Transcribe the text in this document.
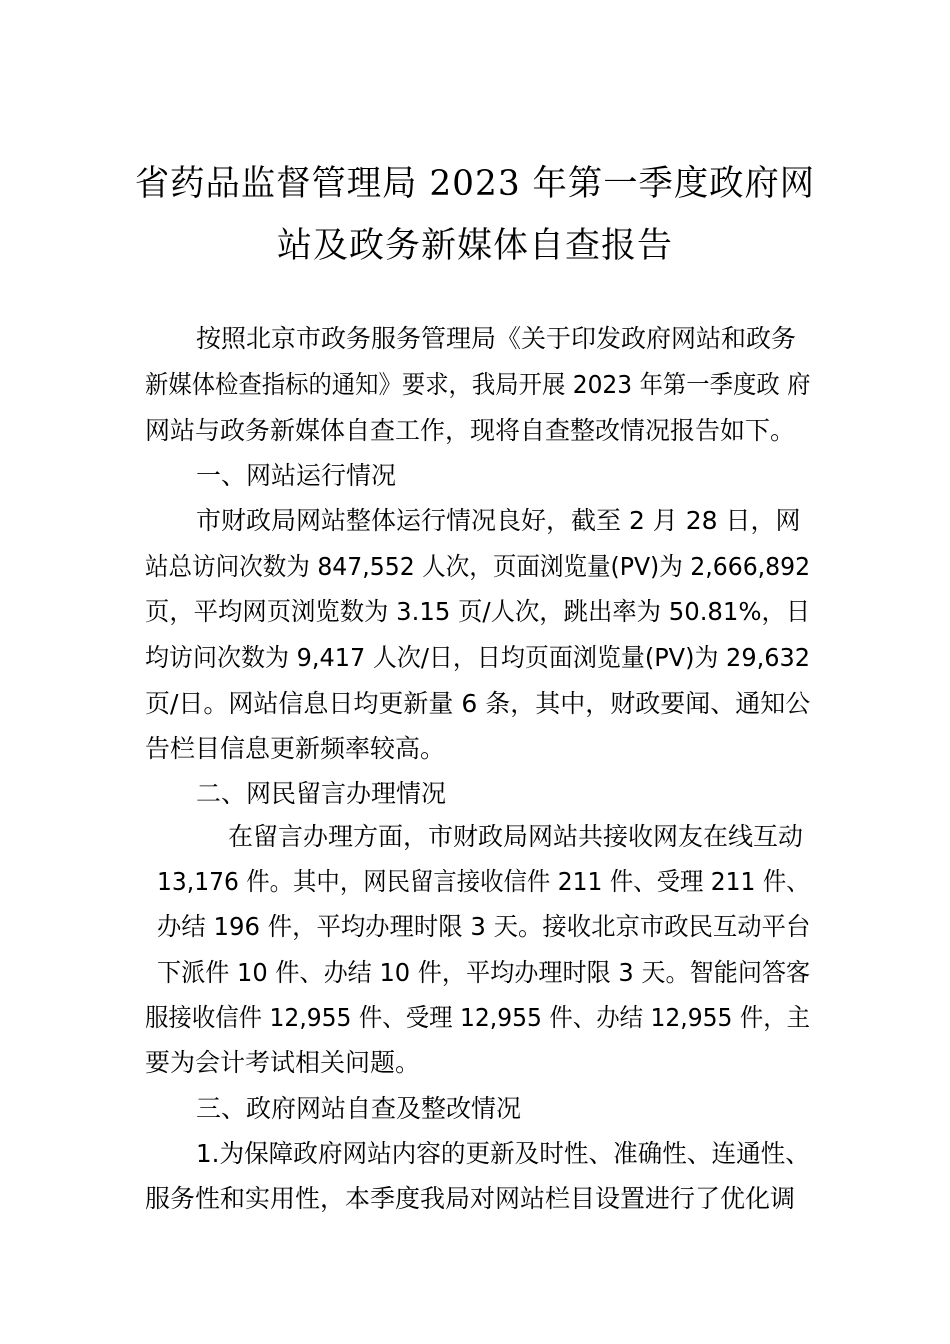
省药品监督管理局 2023 年第一季度政府网
站及政务新媒体自查报告

按照北京市政务服务管理局《关于印发政府网站和政务

新媒体检查指标的通知》要求，我局开展 2023 年第一季度政 府

网站与政务新媒体自查工作，现将自查整改情况报告如下。

一、网站运行情况

市财政局网站整体运行情况良好，截至 2 月 28 日，网

站总访问次数为 847,552 人次，页面浏览量(PV)为 2,666,892

页，平均网页浏览数为 3.15 页/人次，跳出率为 50.81%，日

均访问次数为 9,417 人次/日，日均页面浏览量(PV)为 29,632

页/日。网站信息日均更新量 6 条，其中，财政要闻、通知公

告栏目信息更新频率较高。

二、网民留言办理情况

在留言办理方面，市财政局网站共接收网友在线互动

13,176 件。其中，网民留言接收信件 211 件、受理 211 件、

办结 196 件，平均办理时限 3 天。接收北京市政民互动平台

下派件 10 件、办结 10 件，平均办理时限 3 天。智能问答客

服接收信件 12,955 件、受理 12,955 件、办结 12,955 件，主

要为会计考试相关问题。

三、政府网站自查及整改情况

1.为保障政府网站内容的更新及时性、准确性、连通性、

服务性和实用性，本季度我局对网站栏目设置进行了优化调
